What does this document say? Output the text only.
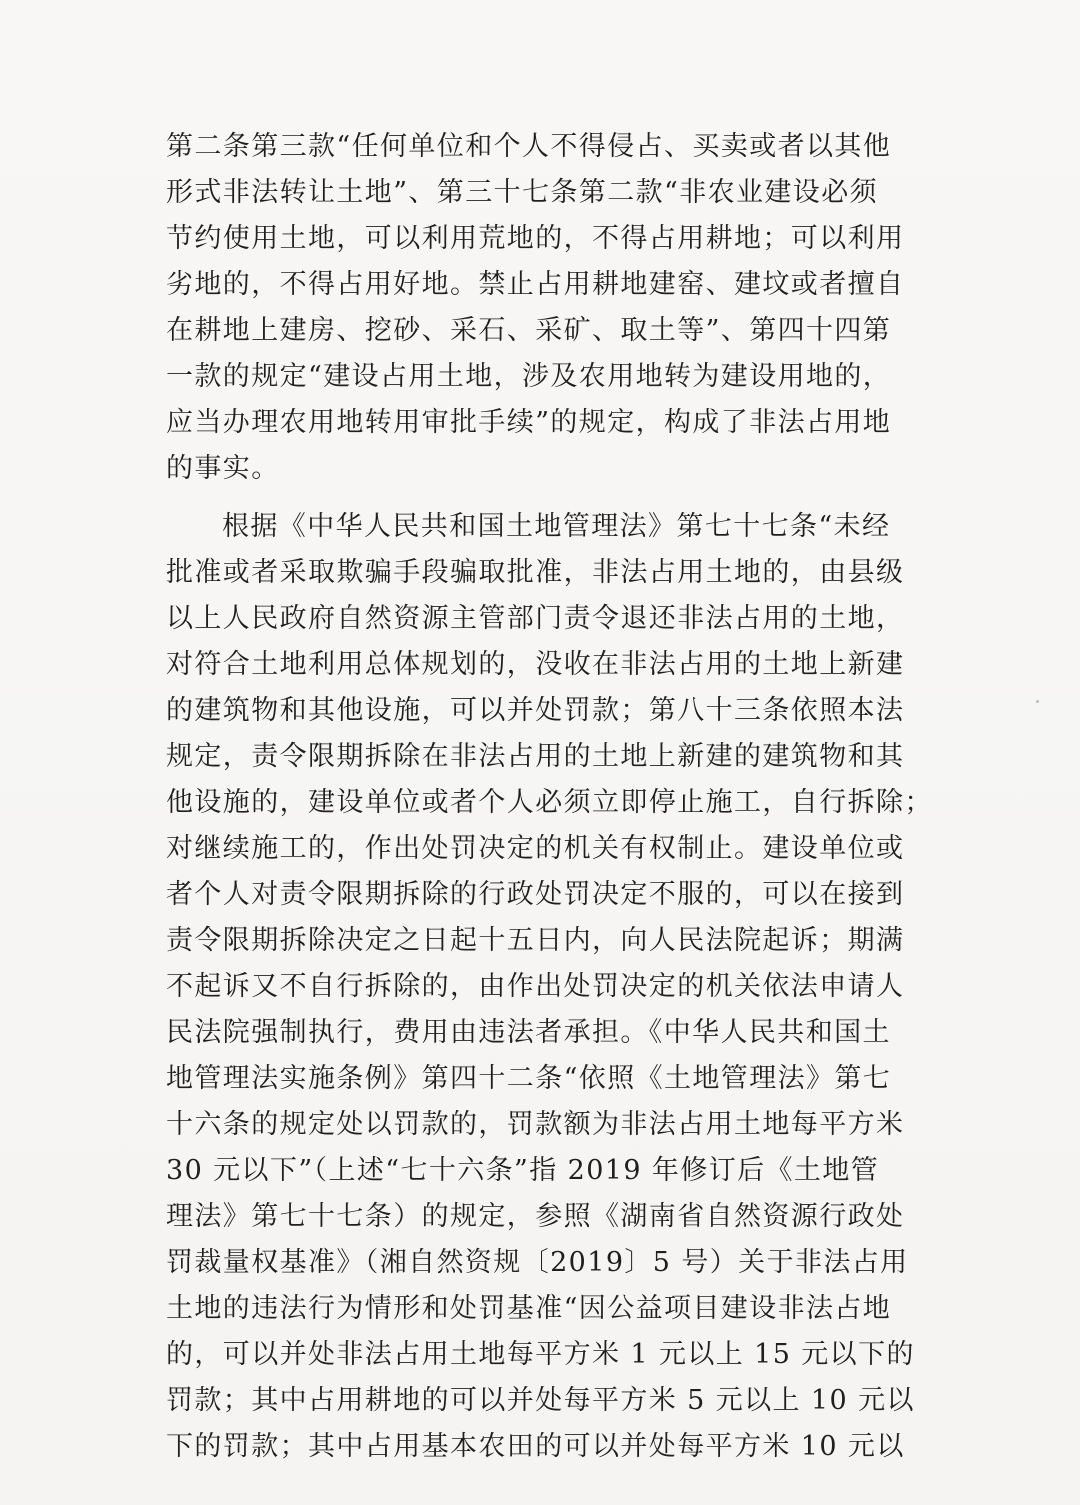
第二条第三款“任何单位和个人不得侵占、买卖或者以其他
形式非法转让土地”、第三十七条第二款“非农业建设必须
节约使用土地，可以利用荒地的，不得占用耕地；可以利用
劣地的，不得占用好地。禁止占用耕地建窑、建坟或者擅自
在耕地上建房、挖砂、采石、采矿、取土等”、第四十四第
一款的规定“建设占用土地，涉及农用地转为建设用地的，
应当办理农用地转用审批手续”的规定，构成了非法占用地
的事实。
根据《中华人民共和国土地管理法》第七十七条“未经
批准或者采取欺骗手段骗取批准，非法占用土地的，由县级
以上人民政府自然资源主管部门责令退还非法占用的土地，
对符合土地利用总体规划的，没收在非法占用的土地上新建
的建筑物和其他设施，可以并处罚款；第八十三条依照本法
规定，责令限期拆除在非法占用的土地上新建的建筑物和其
他设施的，建设单位或者个人必须立即停止施工，自行拆除；
对继续施工的，作出处罚决定的机关有权制止。建设单位或
者个人对责令限期拆除的行政处罚决定不服的，可以在接到
责令限期拆除决定之日起十五日内，向人民法院起诉；期满
不起诉又不自行拆除的，由作出处罚决定的机关依法申请人
民法院强制执行，费用由违法者承担。《中华人民共和国土
地管理法实施条例》第四十二条“依照《土地管理法》第七
十六条的规定处以罚款的，罚款额为非法占用土地每平方米
30 元以下”（上述“七十六条”指 2019 年修订后《土地管
理法》第七十七条）的规定，参照《湖南省自然资源行政处
罚裁量权基准》（湘自然资规〔2019〕5 号）关于非法占用
土地的违法行为情形和处罚基准“因公益项目建设非法占地
的，可以并处非法占用土地每平方米 1 元以上 15 元以下的
罚款；其中占用耕地的可以并处每平方米 5 元以上 10 元以
下的罚款；其中占用基本农田的可以并处每平方米 10 元以
